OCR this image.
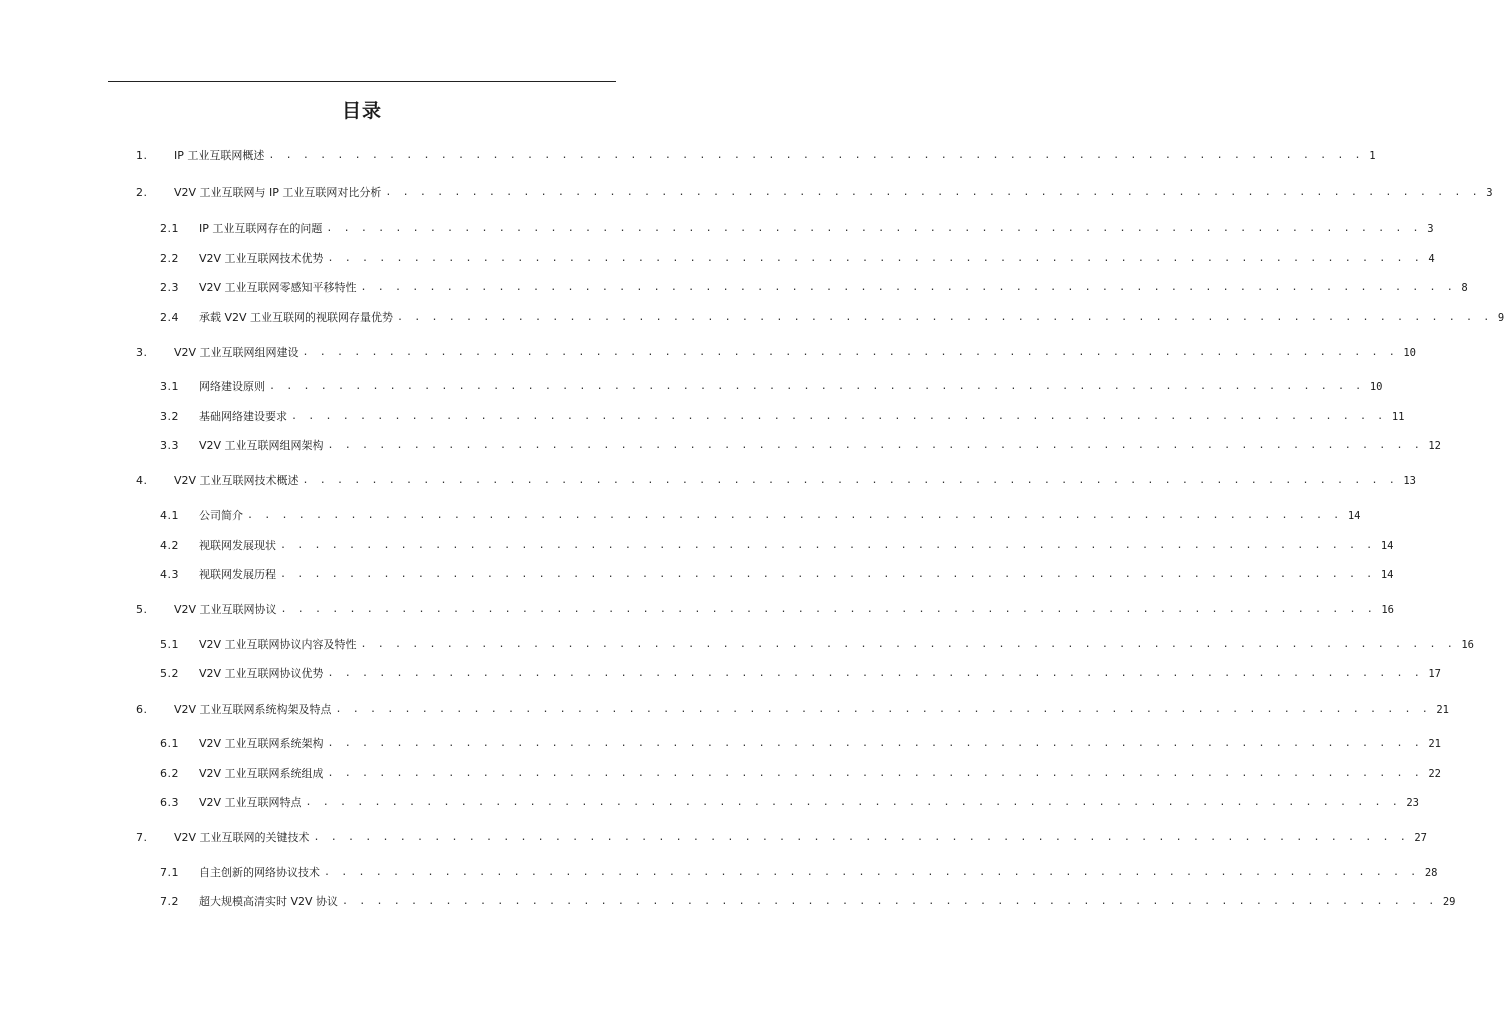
目录
1. IP 工业互联网概述 . . . . . . . . . . . . . . . . . . . . . . . . . . . . . . . . . . . . . . . . . . . . . . . . . . . . . . . . . . . . . . . . 1
2. V2V 工业互联网与 IP 工业互联网对比分析 . . . . . . . . . . . . . . . . . . . . . . . . . . . . . . . . . . . . . . . . . . . . . . . . . . . . . . . . . . . . . . . . 3
2.1 IP 工业互联网存在的问题 . . . . . . . . . . . . . . . . . . . . . . . . . . . . . . . . . . . . . . . . . . . . . . . . . . . . . . . . . . . . . . . . 3
2.2 V2V 工业互联网技术优势 . . . . . . . . . . . . . . . . . . . . . . . . . . . . . . . . . . . . . . . . . . . . . . . . . . . . . . . . . . . . . . . . 4
2.3 V2V 工业互联网零感知平移特性 . . . . . . . . . . . . . . . . . . . . . . . . . . . . . . . . . . . . . . . . . . . . . . . . . . . . . . . . . . . . . . . . 8
2.4 承载 V2V 工业互联网的视联网存量优势 . . . . . . . . . . . . . . . . . . . . . . . . . . . . . . . . . . . . . . . . . . . . . . . . . . . . . . . . . . . . . . . . 9
3. V2V 工业互联网组网建设 . . . . . . . . . . . . . . . . . . . . . . . . . . . . . . . . . . . . . . . . . . . . . . . . . . . . . . . . . . . . . . . . 10
3.1 网络建设原则 . . . . . . . . . . . . . . . . . . . . . . . . . . . . . . . . . . . . . . . . . . . . . . . . . . . . . . . . . . . . . . . . 10
3.2 基础网络建设要求 . . . . . . . . . . . . . . . . . . . . . . . . . . . . . . . . . . . . . . . . . . . . . . . . . . . . . . . . . . . . . . . . 11
3.3 V2V 工业互联网组网架构 . . . . . . . . . . . . . . . . . . . . . . . . . . . . . . . . . . . . . . . . . . . . . . . . . . . . . . . . . . . . . . . . 12
4. V2V 工业互联网技术概述 . . . . . . . . . . . . . . . . . . . . . . . . . . . . . . . . . . . . . . . . . . . . . . . . . . . . . . . . . . . . . . . . 13
4.1 公司简介 . . . . . . . . . . . . . . . . . . . . . . . . . . . . . . . . . . . . . . . . . . . . . . . . . . . . . . . . . . . . . . . . 14
4.2 视联网发展现状 . . . . . . . . . . . . . . . . . . . . . . . . . . . . . . . . . . . . . . . . . . . . . . . . . . . . . . . . . . . . . . . . 14
4.3 视联网发展历程 . . . . . . . . . . . . . . . . . . . . . . . . . . . . . . . . . . . . . . . . . . . . . . . . . . . . . . . . . . . . . . . . 14
5. V2V 工业互联网协议 . . . . . . . . . . . . . . . . . . . . . . . . . . . . . . . . . . . . . . . . . . . . . . . . . . . . . . . . . . . . . . . . 16
5.1 V2V 工业互联网协议内容及特性 . . . . . . . . . . . . . . . . . . . . . . . . . . . . . . . . . . . . . . . . . . . . . . . . . . . . . . . . . . . . . . . . 16
5.2 V2V 工业互联网协议优势 . . . . . . . . . . . . . . . . . . . . . . . . . . . . . . . . . . . . . . . . . . . . . . . . . . . . . . . . . . . . . . . . 17
6. V2V 工业互联网系统构架及特点 . . . . . . . . . . . . . . . . . . . . . . . . . . . . . . . . . . . . . . . . . . . . . . . . . . . . . . . . . . . . . . . . 21
6.1 V2V 工业互联网系统架构 . . . . . . . . . . . . . . . . . . . . . . . . . . . . . . . . . . . . . . . . . . . . . . . . . . . . . . . . . . . . . . . . 21
6.2 V2V 工业互联网系统组成 . . . . . . . . . . . . . . . . . . . . . . . . . . . . . . . . . . . . . . . . . . . . . . . . . . . . . . . . . . . . . . . . 22
6.3 V2V 工业互联网特点 . . . . . . . . . . . . . . . . . . . . . . . . . . . . . . . . . . . . . . . . . . . . . . . . . . . . . . . . . . . . . . . . 23
7. V2V 工业互联网的关键技术 . . . . . . . . . . . . . . . . . . . . . . . . . . . . . . . . . . . . . . . . . . . . . . . . . . . . . . . . . . . . . . . . 27
7.1 自主创新的网络协议技术 . . . . . . . . . . . . . . . . . . . . . . . . . . . . . . . . . . . . . . . . . . . . . . . . . . . . . . . . . . . . . . . . 28
7.2 超大规模高清实时 V2V 协议 . . . . . . . . . . . . . . . . . . . . . . . . . . . . . . . . . . . . . . . . . . . . . . . . . . . . . . . . . . . . . . . . 29
